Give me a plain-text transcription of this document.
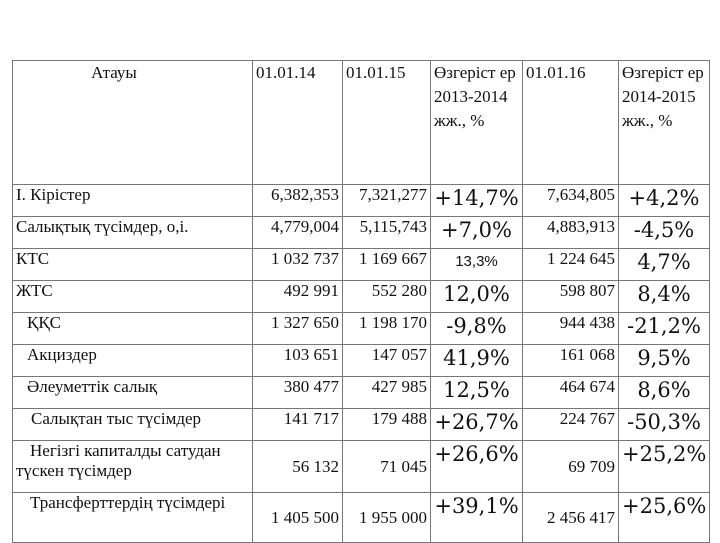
Атауы	01.01.14	01.01.15	Өзгеріст ер 2013-2014 жж., %	01.01.16	Өзгеріст ер 2014-2015 жж., %
I. Кірістер	6,382,353	7,321,277	+14,7%	7,634,805	+4,2%
Салықтық түсімдер, о,і.	4,779,004	5,115,743	+7,0%	4,883,913	-4,5%
КТС	1 032 737	1 169 667	13,3%	1 224 645	4,7%
ЖТС	492 991	552 280	12,0%	598 807	8,4%
ҚҚС	1 327 650	1 198 170	-9,8%	944 438	-21,2%
Акциздер	103 651	147 057	41,9%	161 068	9,5%
Әлеуметтік салық	380 477	427 985	12,5%	464 674	8,6%
Салықтан тыс түсімдер	141 717	179 488	+26,7%	224 767	-50,3%
Негізгі капиталды сатудан түскен түсімдер	56 132	71 045	+26,6%	69 709	+25,2%
Трансферттердің түсімдері	1 405 500	1 955 000	+39,1%	2 456 417	+25,6%
